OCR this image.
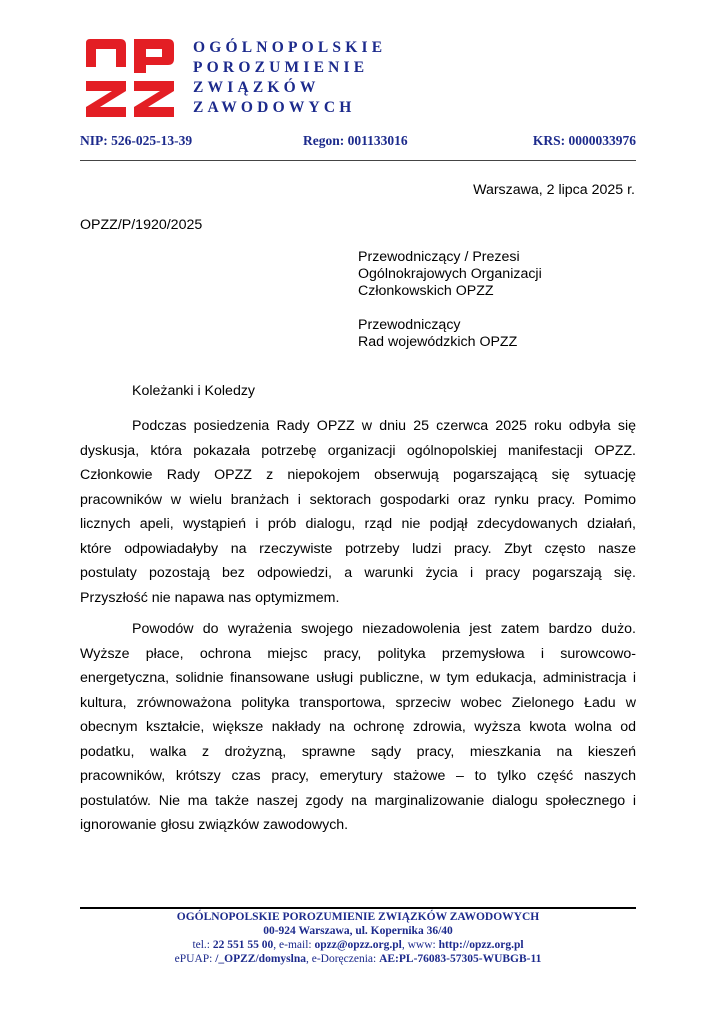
OGÓLNOPOLSKIE
POROZUMIENIE
ZWIĄZKÓW
ZAWODOWYCH
NIP: 526-025-13-39	Regon: 001133016	KRS: 0000033976
Warszawa, 2 lipca 2025 r.
OPZZ/P/1920/2025
Przewodniczący / Prezesi
Ogólnokrajowych Organizacji
Członkowskich OPZZ
Przewodniczący
Rad wojewódzkich OPZZ
Koleżanki i Koledzy
Podczas posiedzenia Rady OPZZ w dniu 25 czerwca 2025 roku odbyła się
dyskusja, która pokazała potrzebę organizacji ogólnopolskiej manifestacji OPZZ.
Członkowie Rady OPZZ z niepokojem obserwują pogarszającą się sytuację
pracowników w wielu branżach i sektorach gospodarki oraz rynku pracy. Pomimo
licznych apeli, wystąpień i prób dialogu, rząd nie podjął zdecydowanych działań,
które odpowiadałyby na rzeczywiste potrzeby ludzi pracy. Zbyt często nasze
postulaty pozostają bez odpowiedzi, a warunki życia i pracy pogarszają się.
Przyszłość nie napawa nas optymizmem.
Powodów do wyrażenia swojego niezadowolenia jest zatem bardzo dużo.
Wyższe płace, ochrona miejsc pracy, polityka przemysłowa i surowcowo-
energetyczna, solidnie finansowane usługi publiczne, w tym edukacja, administracja i
kultura, zrównoważona polityka transportowa, sprzeciw wobec Zielonego Ładu w
obecnym kształcie, większe nakłady na ochronę zdrowia, wyższa kwota wolna od
podatku, walka z drożyzną, sprawne sądy pracy, mieszkania na kieszeń
pracowników, krótszy czas pracy, emerytury stażowe – to tylko część naszych
postulatów. Nie ma także naszej zgody na marginalizowanie dialogu społecznego i
ignorowanie głosu związków zawodowych.
OGÓLNOPOLSKIE POROZUMIENIE ZWIĄZKÓW ZAWODOWYCH
00-924 Warszawa, ul. Kopernika 36/40
tel.: 22 551 55 00, e-mail: opzz@opzz.org.pl, www: http://opzz.org.pl
ePUAP: /_OPZZ/domyslna, e-Doręczenia: AE:PL-76083-57305-WUBGB-11
